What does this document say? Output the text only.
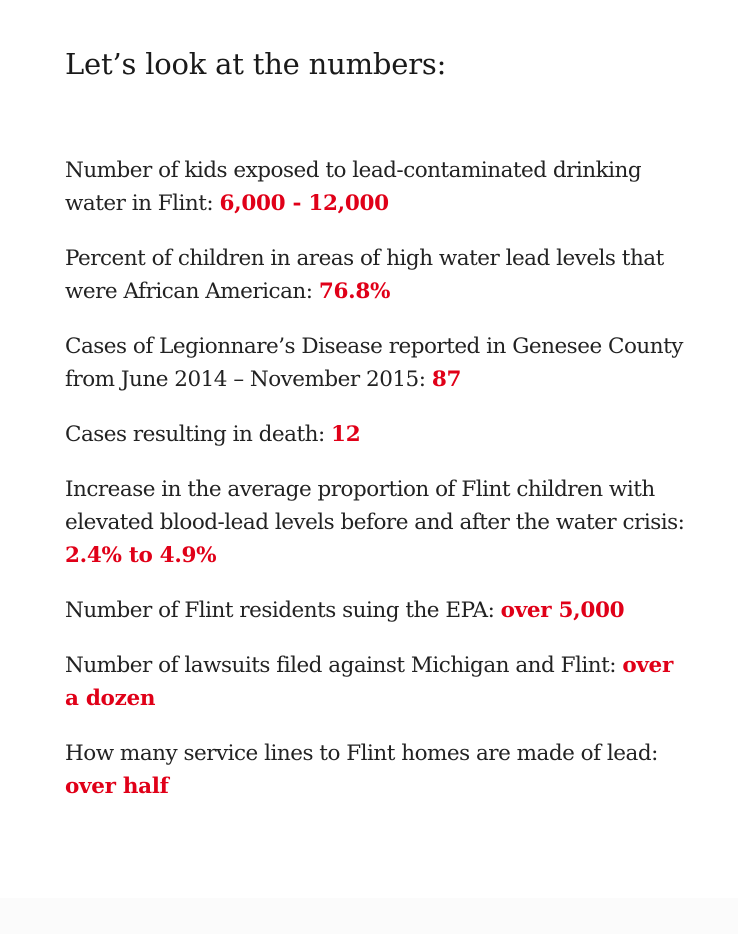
Let’s look at the numbers:

Number of kids exposed to lead-contaminated drinking water in Flint: 6,000 - 12,000

Percent of children in areas of high water lead levels that were African American: 76.8%

Cases of Legionnare’s Disease reported in Genesee County from June 2014 – November 2015: 87

Cases resulting in death: 12

Increase in the average proportion of Flint children with elevated blood-lead levels before and after the water crisis: 2.4% to 4.9%

Number of Flint residents suing the EPA: over 5,000

Number of lawsuits filed against Michigan and Flint: over a dozen

How many service lines to Flint homes are made of lead: over half
